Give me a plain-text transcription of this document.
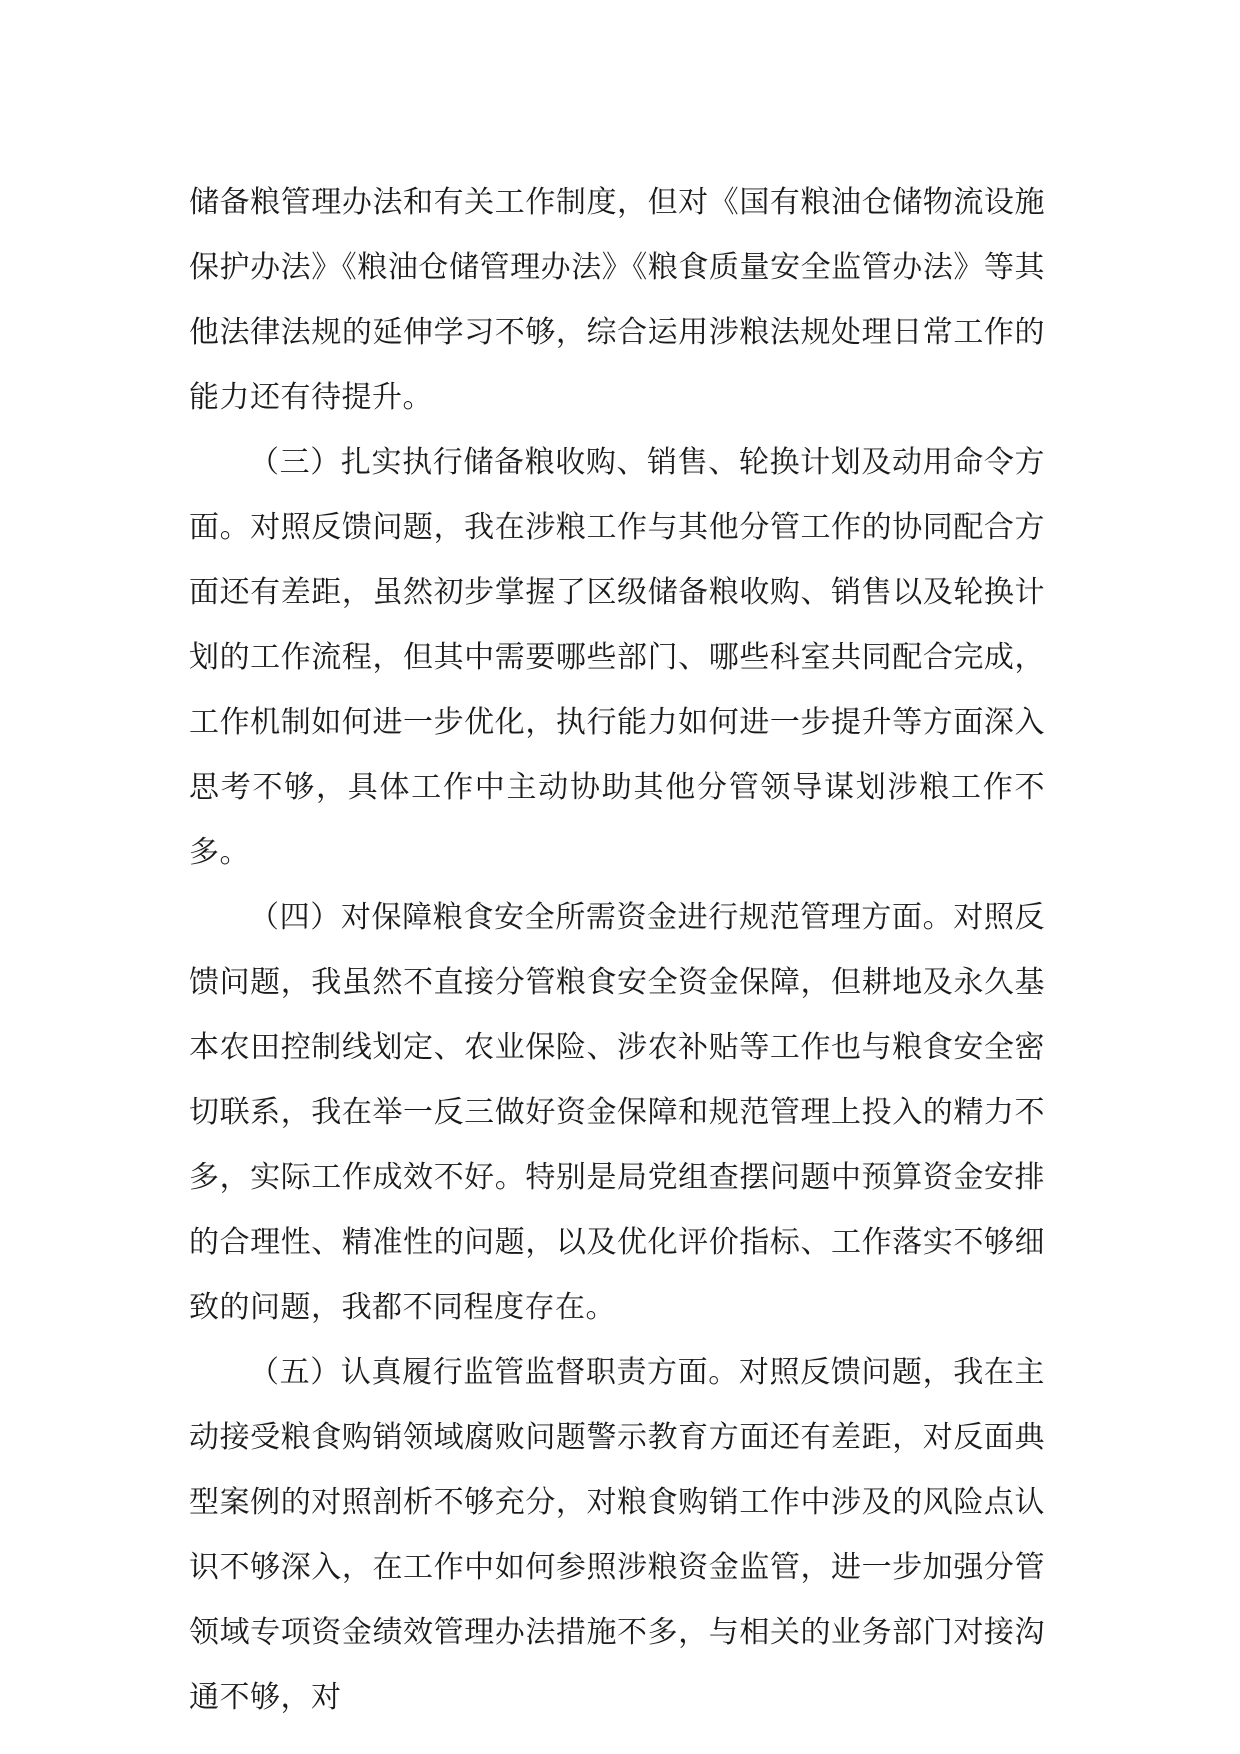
储备粮管理办法和有关工作制度，但对《国有粮油仓储物流设施保护办法》《粮油仓储管理办法》《粮食质量安全监管办法》等其他法律法规的延伸学习不够，综合运用涉粮法规处理日常工作的能力还有待提升。

（三）扎实执行储备粮收购、销售、轮换计划及动用命令方面。对照反馈问题，我在涉粮工作与其他分管工作的协同配合方面还有差距，虽然初步掌握了区级储备粮收购、销售以及轮换计划的工作流程，但其中需要哪些部门、哪些科室共同配合完成，工作机制如何进一步优化，执行能力如何进一步提升等方面深入思考不够，具体工作中主动协助其他分管领导谋划涉粮工作不多。

（四）对保障粮食安全所需资金进行规范管理方面。对照反馈问题，我虽然不直接分管粮食安全资金保障，但耕地及永久基本农田控制线划定、农业保险、涉农补贴等工作也与粮食安全密切联系，我在举一反三做好资金保障和规范管理上投入的精力不多，实际工作成效不好。特别是局党组查摆问题中预算资金安排的合理性、精准性的问题，以及优化评价指标、工作落实不够细致的问题，我都不同程度存在。

（五）认真履行监管监督职责方面。对照反馈问题，我在主动接受粮食购销领域腐败问题警示教育方面还有差距，对反面典型案例的对照剖析不够充分，对粮食购销工作中涉及的风险点认识不够深入，在工作中如何参照涉粮资金监管，进一步加强分管领域专项资金绩效管理办法措施不多，与相关的业务部门对接沟通不够，对
